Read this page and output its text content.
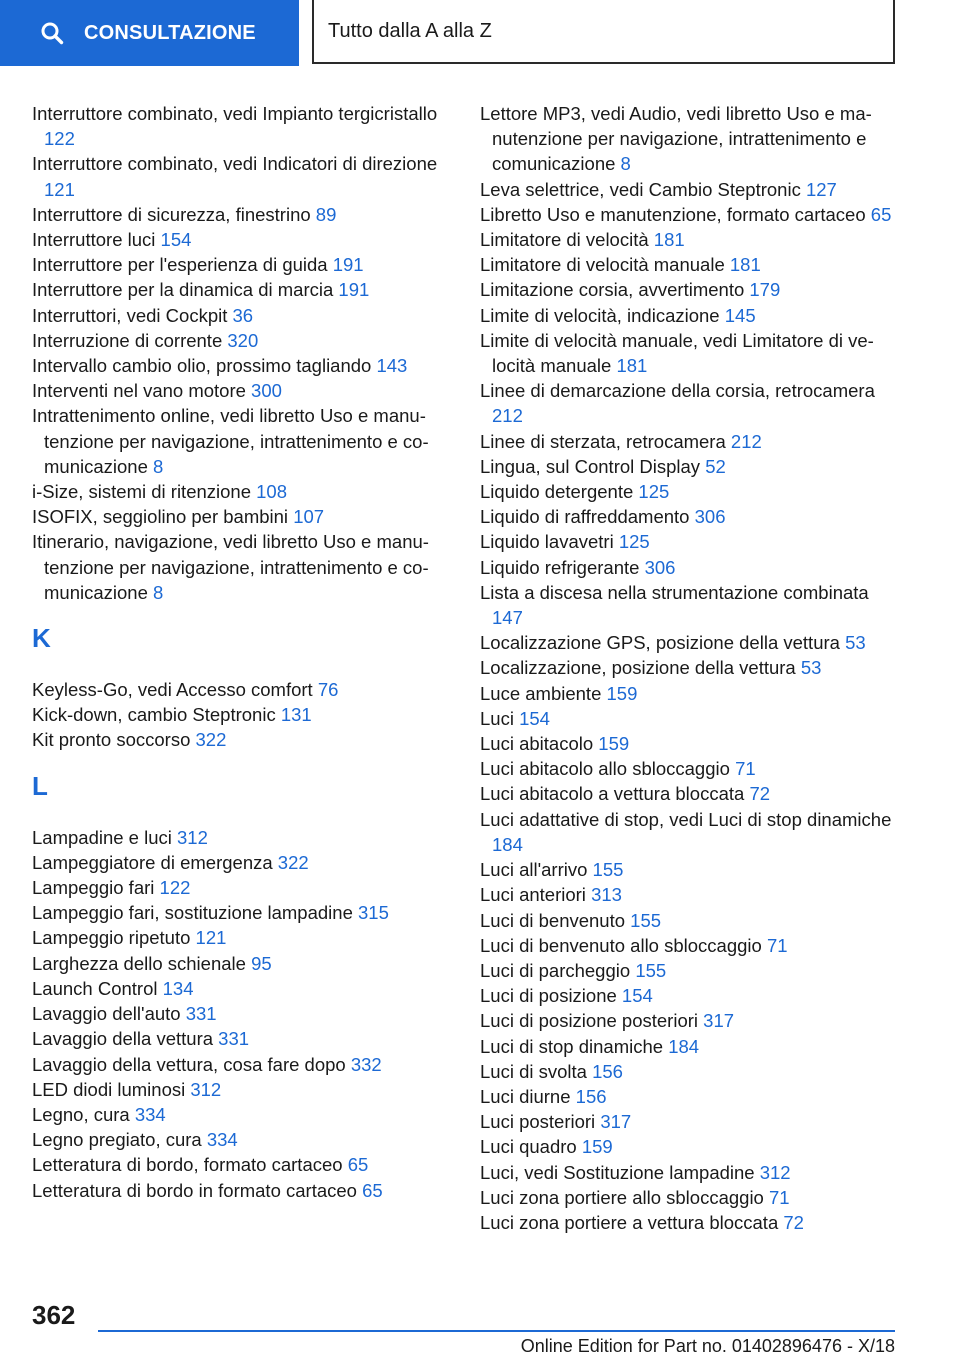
CONSULTAZIONE	Tutto dalla A alla Z
Interruttore combinato, vedi Impianto tergicristallo 122
Interruttore combinato, vedi Indicatori di direzione 121
Interruttore di sicurezza, finestrino 89
Interruttore luci 154
Interruttore per l'esperienza di guida 191
Interruttore per la dinamica di marcia 191
Interruttori, vedi Cockpit 36
Interruzione di corrente 320
Intervallo cambio olio, prossimo tagliando 143
Interventi nel vano motore 300
Intrattenimento online, vedi libretto Uso e manutenzione per navigazione, intrattenimento e comunicazione 8
i-Size, sistemi di ritenzione 108
ISOFIX, seggiolino per bambini 107
Itinerario, navigazione, vedi libretto Uso e manutenzione per navigazione, intrattenimento e comunicazione 8
K
Keyless-Go, vedi Accesso comfort 76
Kick-down, cambio Steptronic 131
Kit pronto soccorso 322
L
Lampadine e luci 312
Lampeggiatore di emergenza 322
Lampeggio fari 122
Lampeggio fari, sostituzione lampadine 315
Lampeggio ripetuto 121
Larghezza dello schienale 95
Launch Control 134
Lavaggio dell'auto 331
Lavaggio della vettura 331
Lavaggio della vettura, cosa fare dopo 332
LED diodi luminosi 312
Legno, cura 334
Legno pregiato, cura 334
Letteratura di bordo, formato cartaceo 65
Letteratura di bordo in formato cartaceo 65
Lettore MP3, vedi Audio, vedi libretto Uso e manutenzione per navigazione, intrattenimento e comunicazione 8
Leva selettrice, vedi Cambio Steptronic 127
Libretto Uso e manutenzione, formato cartaceo 65
Limitatore di velocità 181
Limitatore di velocità manuale 181
Limitazione corsia, avvertimento 179
Limite di velocità, indicazione 145
Limite di velocità manuale, vedi Limitatore di velocità manuale 181
Linee di demarcazione della corsia, retrocamera 212
Linee di sterzata, retrocamera 212
Lingua, sul Control Display 52
Liquido detergente 125
Liquido di raffreddamento 306
Liquido lavavetri 125
Liquido refrigerante 306
Lista a discesa nella strumentazione combinata 147
Localizzazione GPS, posizione della vettura 53
Localizzazione, posizione della vettura 53
Luce ambiente 159
Luci 154
Luci abitacolo 159
Luci abitacolo allo sbloccaggio 71
Luci abitacolo a vettura bloccata 72
Luci adattative di stop, vedi Luci di stop dinamiche 184
Luci all'arrivo 155
Luci anteriori 313
Luci di benvenuto 155
Luci di benvenuto allo sbloccaggio 71
Luci di parcheggio 155
Luci di posizione 154
Luci di posizione posteriori 317
Luci di stop dinamiche 184
Luci di svolta 156
Luci diurne 156
Luci posteriori 317
Luci quadro 159
Luci, vedi Sostituzione lampadine 312
Luci zona portiere allo sbloccaggio 71
Luci zona portiere a vettura bloccata 72
362
Online Edition for Part no. 01402896476 - X/18
